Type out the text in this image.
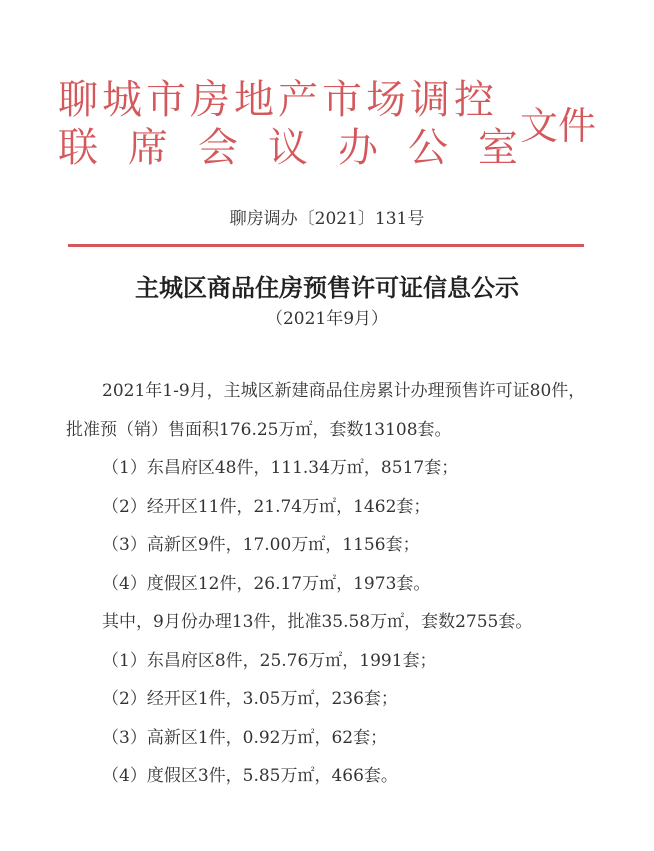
聊城市房地产市场调控
联席会议办公室
文件
聊房调办〔2021〕131号
主城区商品住房预售许可证信息公示
（2021年9月）

2021年1-9月，主城区新建商品住房累计办理预售许可证80件，批准预（销）售面积176.25万㎡，套数13108套。

（1）东昌府区48件，111.34万㎡，8517套；

（2）经开区11件，21.74万㎡，1462套；

（3）高新区9件，17.00万㎡，1156套；

（4）度假区12件，26.17万㎡，1973套。

其中，9月份办理13件，批准35.58万㎡，套数2755套。

（1）东昌府区8件，25.76万㎡，1991套；

（2）经开区1件，3.05万㎡，236套；

（3）高新区1件，0.92万㎡，62套；

（4）度假区3件，5.85万㎡，466套。
